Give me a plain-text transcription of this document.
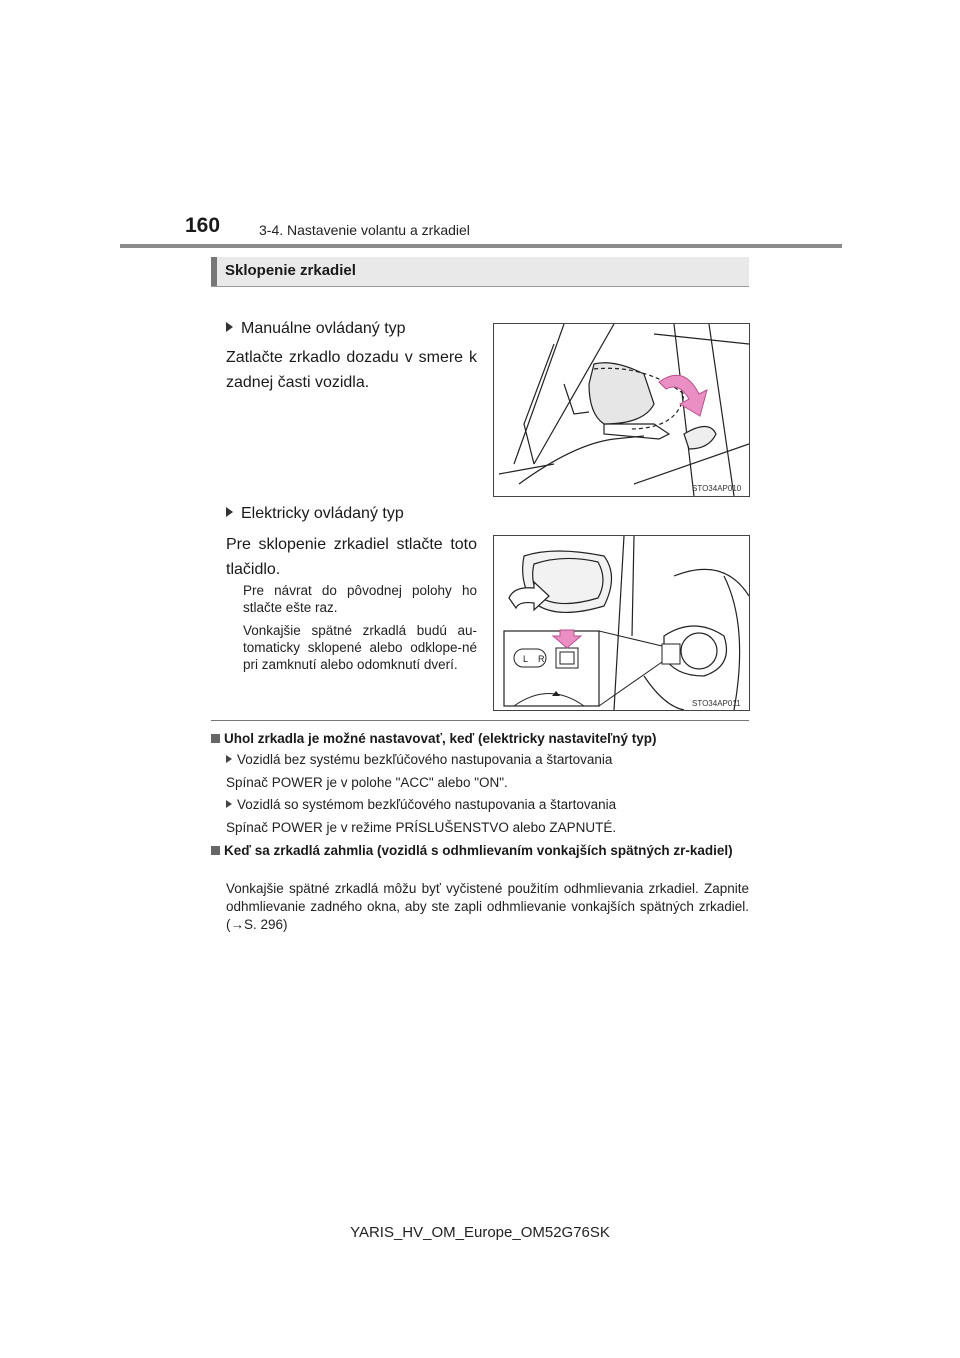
160	3-4. Nastavenie volantu a zrkadiel
Sklopenie zrkadiel
Manuálne ovládaný typ
Zatlačte zrkadlo dozadu v smere k zadnej časti vozidla.
STO34AP010
Elektricky ovládaný typ
Pre sklopenie zrkadiel stlačte toto tlačidlo.
Pre návrat do pôvodnej polohy ho stlačte ešte raz.
Vonkajšie spätné zrkadlá budú au-tomaticky sklopené alebo odklope-né pri zamknutí alebo odomknutí dverí.	L R
STO34AP011
Uhol zrkadla je možné nastavovať, keď (elektricky nastaviteľný typ)
Vozidlá bez systému bezkľúčového nastupovania a štartovania
Spínač POWER je v polohe "ACC" alebo "ON".
Vozidlá so systémom bezkľúčového nastupovania a štartovania
Spínač POWER je v režime PRÍSLUŠENSTVO alebo ZAPNUTÉ.
Keď sa zrkadlá zahmlia (vozidlá s odhmlievaním vonkajších spätných zr-kadiel)
Vonkajšie spätné zrkadlá môžu byť vyčistené použitím odhmlievania zrkadiel. Zapnite odhmlievanie zadného okna, aby ste zapli odhmlievanie vonkajších spätných zrkadiel. (→S. 296)
YARIS_HV_OM_Europe_OM52G76SK
